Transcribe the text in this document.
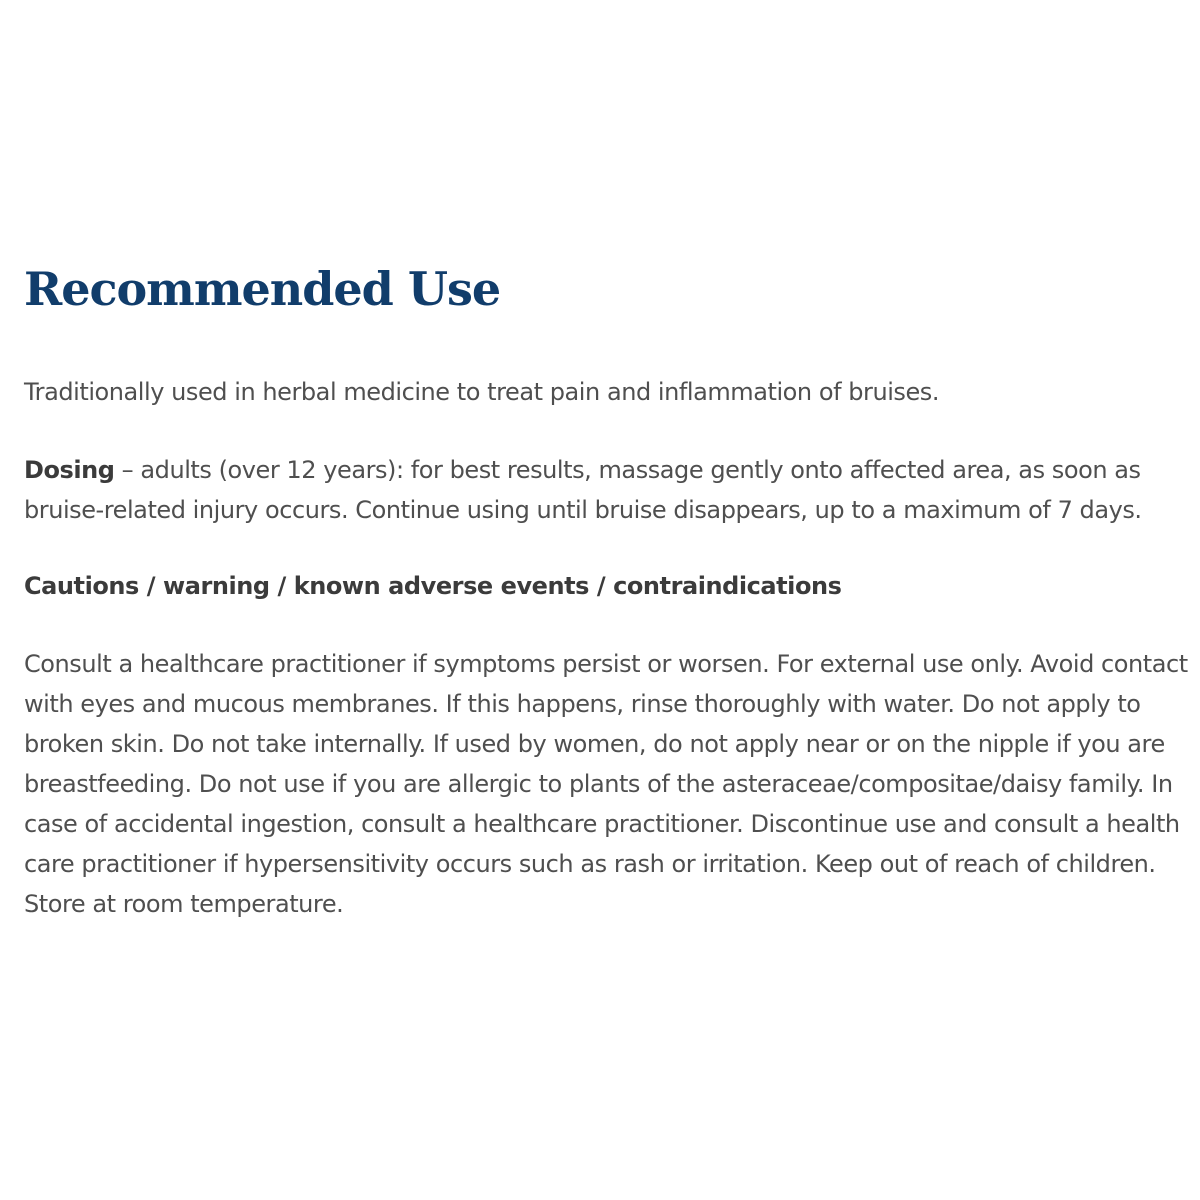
Recommended Use

Traditionally used in herbal medicine to treat pain and inflammation of bruises.

Dosing – adults (over 12 years): for best results, massage gently onto affected area, as soon as bruise-related injury occurs. Continue using until bruise disappears, up to a maximum of 7 days.

Cautions / warning / known adverse events / contraindications

Consult a healthcare practitioner if symptoms persist or worsen. For external use only. Avoid contact with eyes and mucous membranes. If this happens, rinse thoroughly with water. Do not apply to broken skin. Do not take internally. If used by women, do not apply near or on the nipple if you are breastfeeding. Do not use if you are allergic to plants of the asteraceae/compositae/daisy family. In case of accidental ingestion, consult a healthcare practitioner. Discontinue use and consult a health care practitioner if hypersensitivity occurs such as rash or irritation. Keep out of reach of children. Store at room temperature.
